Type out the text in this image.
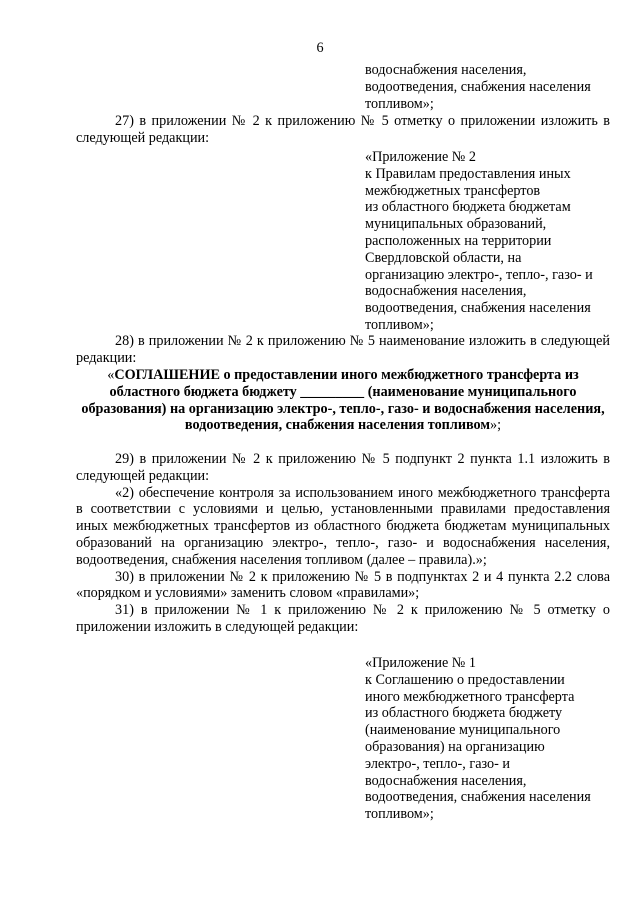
6
водоснабжения населения,
водоотведения, снабжения населения
топливом»;

27) в приложении № 2 к приложению № 5 отметку о приложении изложить в следующей редакции:

«Приложение № 2
к Правилам предоставления иных
межбюджетных трансфертов
из областного бюджета бюджетам
муниципальных образований,
расположенных на территории
Свердловской области, на
организацию электро-, тепло-, газо- и
водоснабжения населения,
водоотведения, снабжения населения
топливом»;

28) в приложении № 2 к приложению № 5 наименование изложить в следующей редакции:

«СОГЛАШЕНИЕ о предоставлении иного межбюджетного трансферта из областного бюджета бюджету _________ (наименование муниципального образования) на организацию электро-, тепло-, газо- и водоснабжения населения, водоотведения, снабжения населения топливом»;

29) в приложении № 2 к приложению № 5 подпункт 2 пункта 1.1 изложить в следующей редакции:

«2) обеспечение контроля за использованием иного межбюджетного трансферта в соответствии с условиями и целью, установленными правилами предоставления иных межбюджетных трансфертов из областного бюджета бюджетам муниципальных образований на организацию электро-, тепло-, газо- и водоснабжения населения, водоотведения, снабжения населения топливом (далее – правила).»;

30) в приложении № 2 к приложению № 5 в подпунктах 2 и 4 пункта 2.2 слова «порядком и условиями» заменить словом «правилами»;

31) в приложении № 1 к приложению № 2 к приложению № 5 отметку о приложении изложить в следующей редакции:

«Приложение № 1
к Соглашению о предоставлении
иного межбюджетного трансферта
из областного бюджета бюджету
(наименование муниципального
образования) на организацию
электро-, тепло-, газо- и
водоснабжения населения,
водоотведения, снабжения населения
топливом»;
